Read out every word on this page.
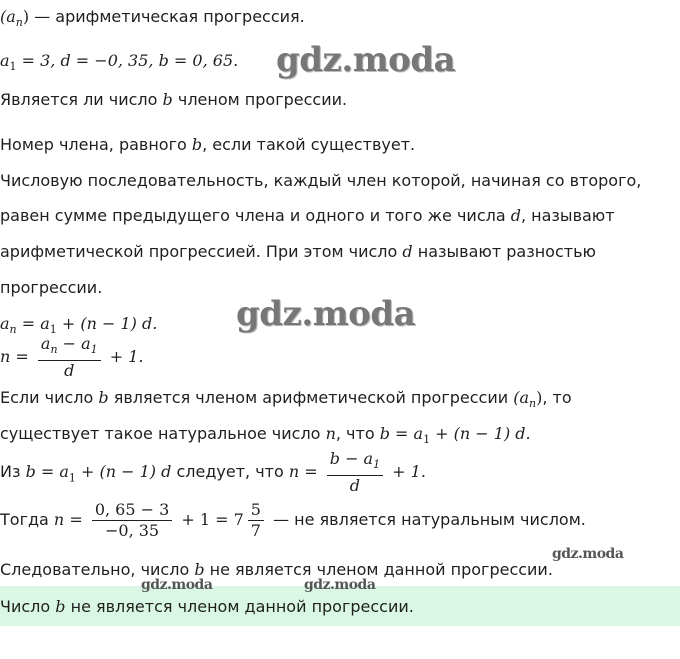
$(a_n)$ — арифметическая прогрессия.
$a_1 = 3$, d = −0, 35, b = 0, 65. gdz.moda
Является ли число b членом прогрессии.
Номер члена, равного b, если такой существует.
Числовую последовательность, каждый член которой, начиная со второго,
равен сумме предыдущего члена и одного и того же числа d, называют
арифметической прогрессией. При этом число d называют разностью
прогрессии.
$a_n = a_1 + (n - 1)$ d. gdz.moda
$n = \frac{a_n - a_1}{d} + 1$.
Если число b является членом арифметической прогрессии $(a_n)$, то
существует такое натуральное число n, что $b = a_1 + (n - 1)$ d.
Из $b = a_1 + (n - 1)$ d следует, что $n = \frac{b - a_1}{d} + 1$.
Тогда $n = \frac{0, 65 - 3}{-0, 35} + 1 = 7 \frac{5}{7}$ — не является натуральным числом.
Следовательно, число b не является членом данной прогрессии.
gdz.moda
gdz.moda	gdz.moda
Число b не является членом данной прогрессии.
